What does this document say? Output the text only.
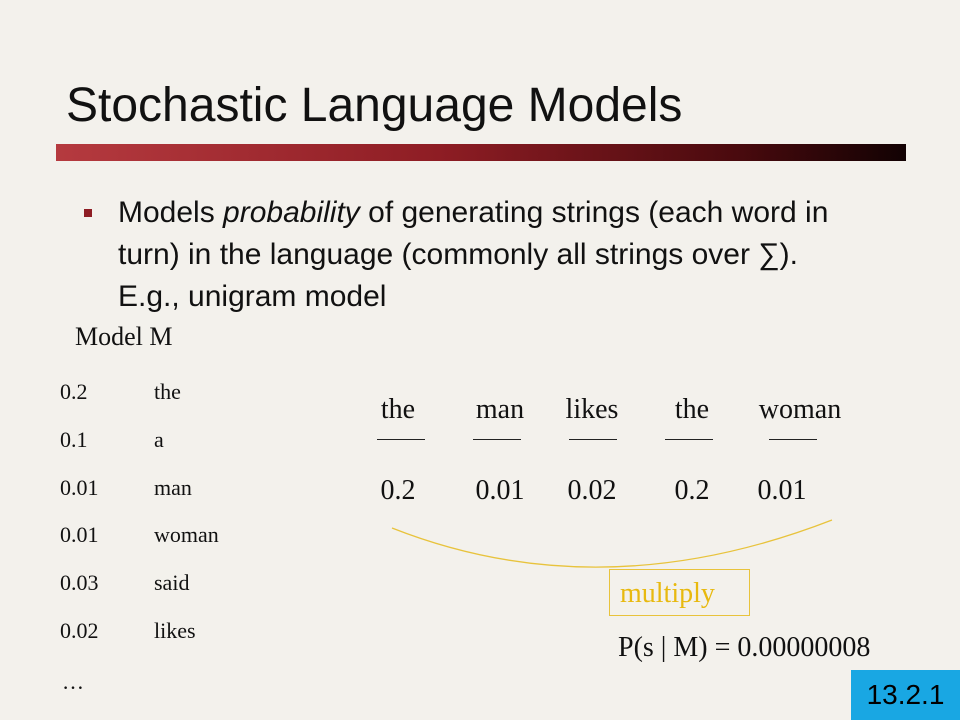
Stochastic Language Models
Models probability of generating strings (each word in turn) in the language (commonly all strings over ∑). E.g., unigram model
Model M
0.2	the
0.1	a
0.01	man
0.01	woman
0.03	said
0.02	likes
…
the man likes the woman
0.2 0.01 0.02 0.2 0.01
multiply
P(s | M) = 0.00000008
13.2.1
